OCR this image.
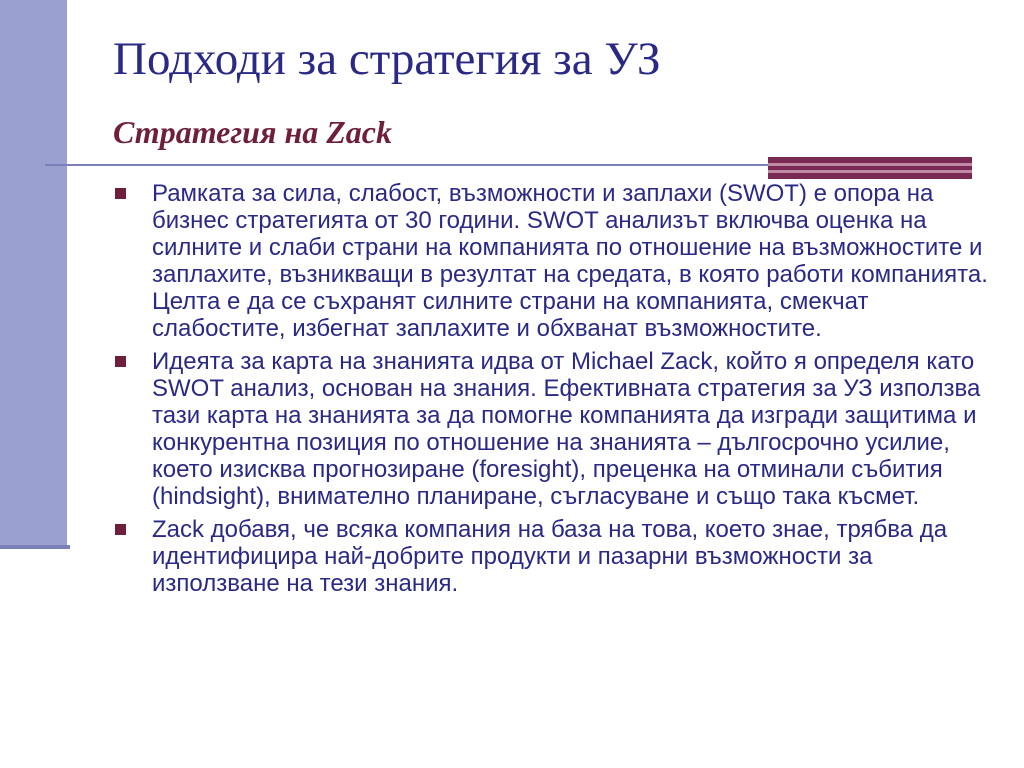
Подходи за стратегия за УЗ
Стратегия на Zack
Рамката за сила, слабост, възможности и заплахи (SWOT) е опора на бизнес стратегията от 30 години. SWOT анализът включва оценка на силните и слаби страни на компанията по отношение на възможностите и заплахите, възникващи в резултат на средата, в която работи компанията. Целта е да се съхранят силните страни на компанията, смекчат слабостите, избегнат заплахите и обхванат възможностите.
Идеята за карта на знанията идва от Michael Zack, който я определя като SWOT анализ, основан на знания. Ефективната стратегия за УЗ използва тази карта на знанията за да помогне компанията да изгради защитима и конкурентна позиция по отношение на знанията – дългосрочно усилие, което изисква прогнозиране (foresight), преценка на отминали събития (hindsight), внимателно планиране, съгласуване и също така късмет.
Zack добавя, че всяка компания на база на това, което знае, трябва да идентифицира най-добрите продукти и пазарни възможности за използване на тези знания.
